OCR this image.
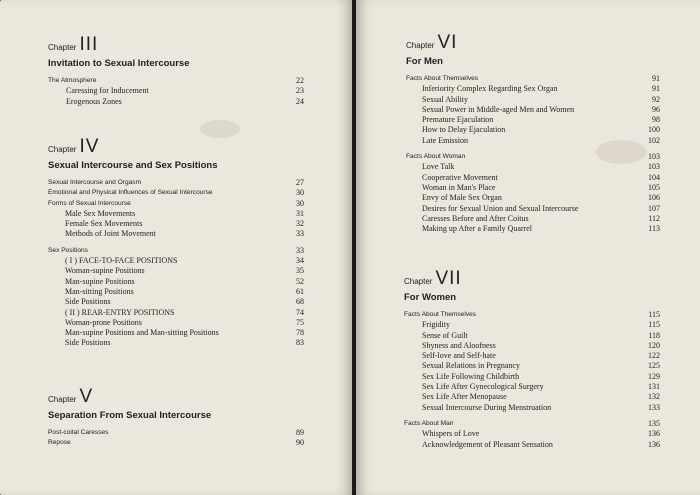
Chapter III
Invitation to Sexual Intercourse
The Atmosphere	22
Caressing for Inducement	23
Erogenous Zones	24
Chapter IV
Sexual Intercourse and Sex Positions
Sexual Intercourse and Orgasm	27
Emotional and Physical Influences of Sexual Intercourse	30
Forms of Sexual Intercourse	30
Male Sex Movements	31
Female Sex Movements	32
Methods of Joint Movement	33
Sex Positions	33
( I ) FACE-TO-FACE POSITIONS	34
Woman-supine Positions	35
Man-supine Positions	52
Man-sitting Positions	61
Side Positions	68
( II ) REAR-ENTRY POSITIONS	74
Woman-prone Positions	75
Man-supine Positions and Man-sitting Positions	78
Side Positions	83
Chapter V
Separation From Sexual Intercourse
Post-coital Caresses	89
Repose	90
Chapter VI
For Men
Facts About Themselves	91
Inferiority Complex Regarding Sex Organ	91
Sexual Ability	92
Sexual Power in Middle-aged Men and Women	96
Premature Ejaculation	98
How to Delay Ejaculation	100
Late Emission	102
Facts About Woman	103
Love Talk	103
Cooperative Movement	104
Woman in Man's Place	105
Envy of Male Sex Organ	106
Desires for Sexual Union and Sexual Intercourse	107
Caresses Before and After Coitus	112
Making up After a Family Quarrel	113
Chapter VII
For Women
Facts About Themselves	115
Frigidity	115
Sense of Guilt	118
Shyness and Aloofness	120
Self-love and Self-hate	122
Sexual Relations in Pregnancy	125
Sex Life Following Childbirth	129
Sex Life After Gynecological Surgery	131
Sex Life After Menopause	132
Sexual Intercourse During Menstruation	133
Facts About Man	135
Whispers of Love	136
Acknowledgement of Pleasant Sensation	136
